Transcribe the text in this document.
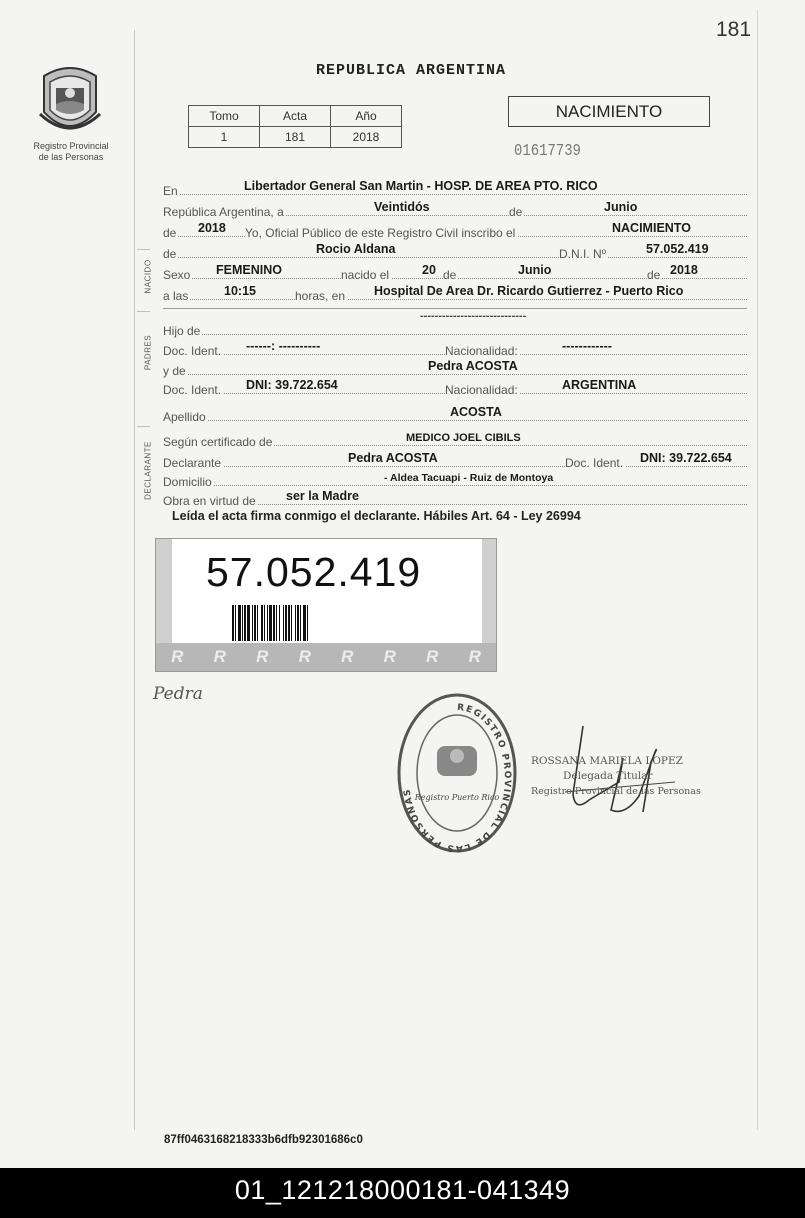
181
Registro Provincial
de las Personas
REPUBLICA ARGENTINA
Tomo	Acta	Año
1	181	2018
NACIMIENTO
01617739
En	Libertador General San Martin - HOSP. DE AREA PTO. RICO
República Argentina, a	Veintidós	de	Junio
de 2018 Yo, Oficial Público de este Registro Civil inscribo el	NACIMIENTO
NACIDO
de	Rocio Aldana	D.N.I. Nº	57.052.419
Sexo FEMENINO	nacido el	20 de	Junio	de 2018
a las	10:15	horas, en Hospital De Area Dr. Ricardo Gutierrez - Puerto Rico
PADRES
-----------------------------
Hijo de
Doc. Ident. ------: ----------	Nacionalidad:	------------
y de	Pedra ACOSTA
Doc. Ident. DNI: 39.722.654	Nacionalidad:	ARGENTINA
Apellido	ACOSTA
DECLARANTE Según certificado de	MEDICO JOEL CIBILS
Declarante	Pedra ACOSTA	Doc. Ident. DNI: 39.722.654
Domicilio	- Aldea Tacuapi - Ruiz de Montoya
Obra en virtud de ser la Madre
Leída el acta firma conmigo el declarante. Hábiles Art. 64 - Ley 26994
57.052.419
R R R R R R R R
Pedra
REGISTRO PROVINCIAL DE LAS PERSONAS
Registro Puerto Rico
ROSSANA MARIELA LOPEZ
Delegada Titular
Registro Provincial de las Personas
87ff0463168218333b6dfb92301686c0
01_121218000181-041349
